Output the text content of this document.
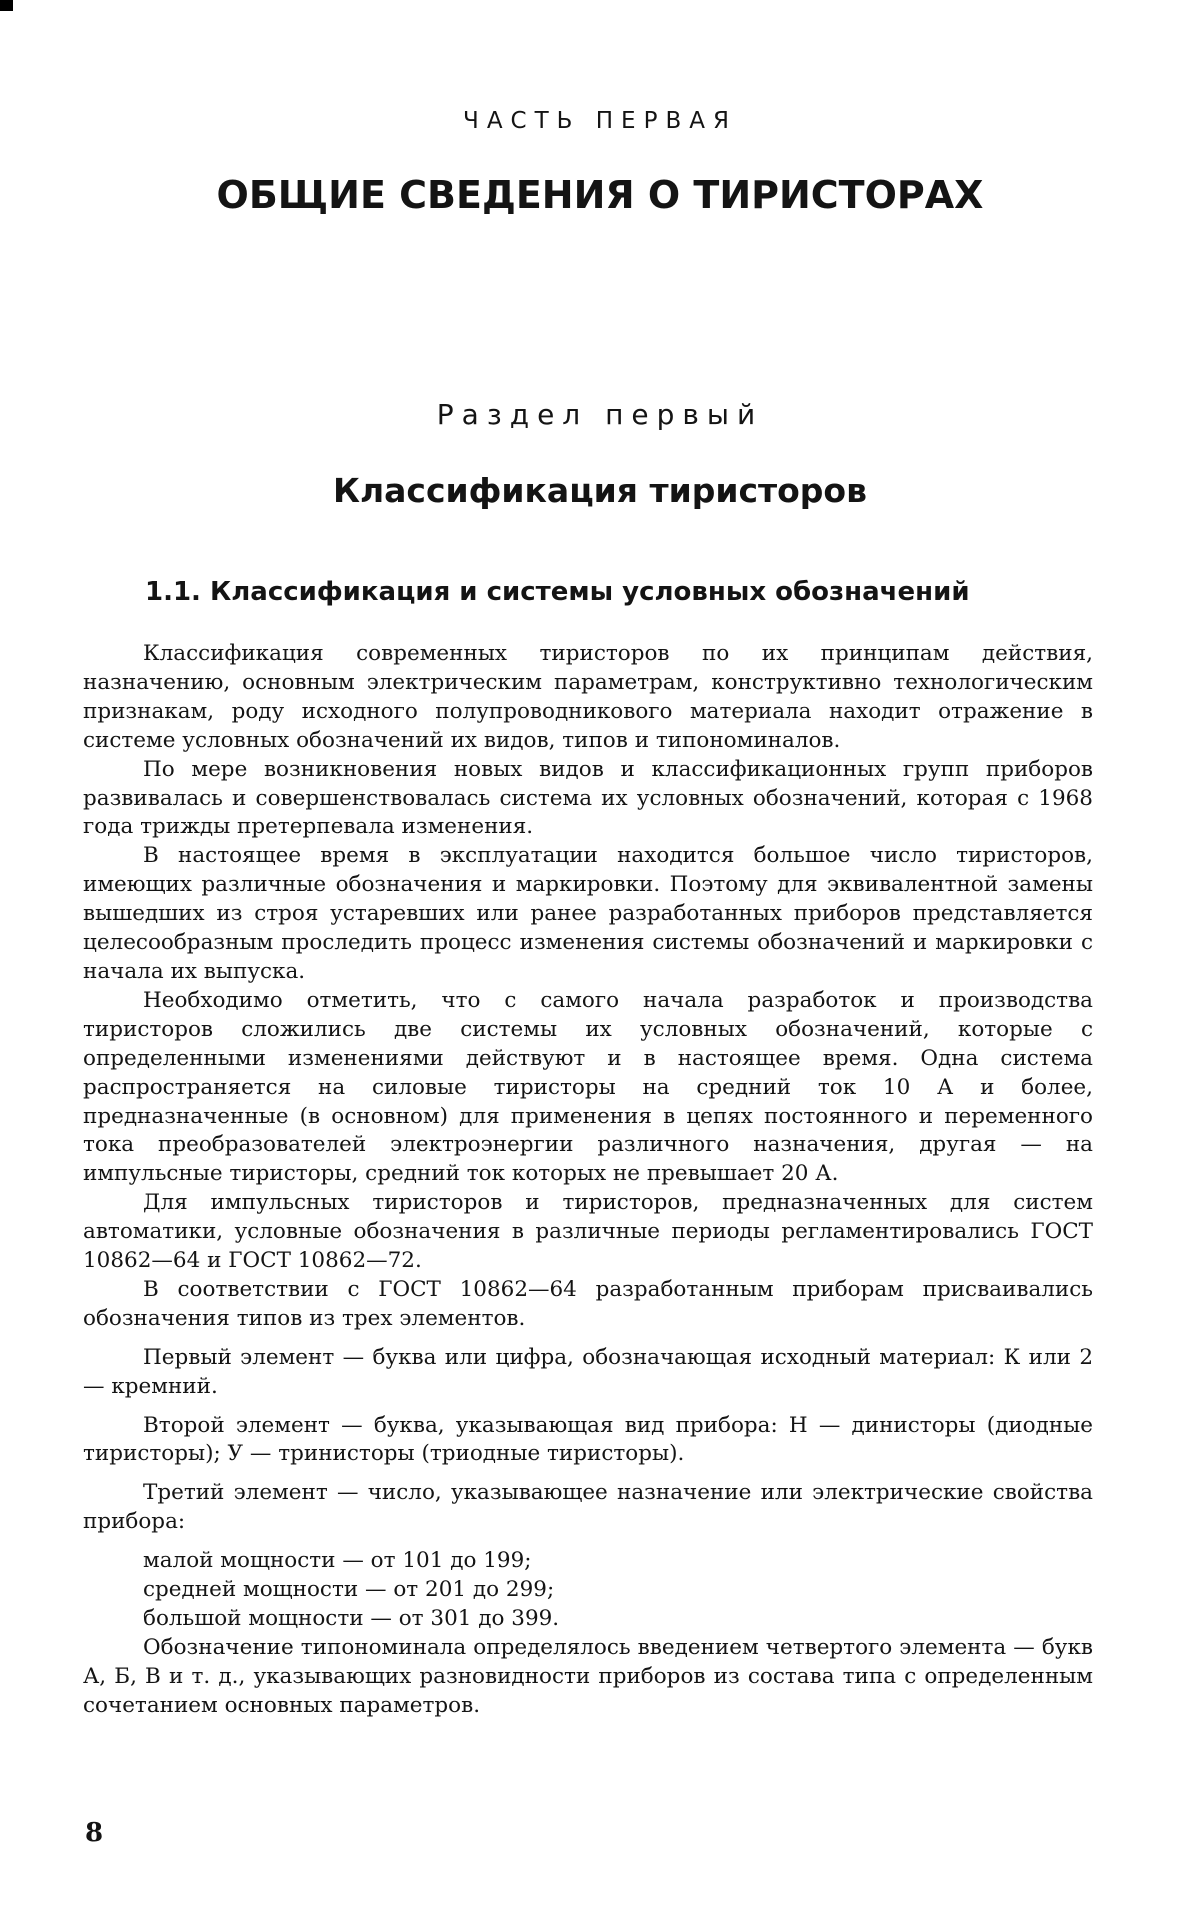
ЧАСТЬ ПЕРВАЯ
ОБЩИЕ СВЕДЕНИЯ О ТИРИСТОРАХ
Раздел первый
Классификация тиристоров
1.1. Классификация и системы условных обозначений

Классификация современных тиристоров по их принципам действия, назначению, основным электрическим параметрам, конструктивно технологическим признакам, роду исходного полупроводникового материала находит отражение в системе условных обозначений их видов, типов и типономиналов.

По мере возникновения новых видов и классификационных групп приборов развивалась и совершенствовалась система их условных обозначений, которая с 1968 года трижды претерпевала изменения.

В настоящее время в эксплуатации находится большое число тиристоров, имеющих различные обозначения и маркировки. Поэтому для эквивалентной замены вышедших из строя устаревших или ранее разработанных приборов представляется целесообразным проследить процесс изменения системы обозначений и маркировки с начала их выпуска.

Необходимо отметить, что с самого начала разработок и производства тиристоров сложились две системы их условных обозначений, которые с определенными изменениями действуют и в настоящее время. Одна система распространяется на силовые тиристоры на средний ток 10 А и более, предназначенные (в основном) для применения в цепях постоянного и переменного тока преобразователей электроэнергии различного назначения, другая — на импульсные тиристоры, средний ток которых не превышает 20 А.

Для импульсных тиристоров и тиристоров, предназначенных для систем автоматики, условные обозначения в различные периоды регламентировались ГОСТ 10862—64 и ГОСТ 10862—72.

В соответствии с ГОСТ 10862—64 разработанным приборам присваивались обозначения типов из трех элементов.

Первый элемент — буква или цифра, обозначающая исходный материал: К или 2 — кремний.

Второй элемент — буква, указывающая вид прибора: Н — динисторы (диодные тиристоры); У — тринисторы (триодные тиристоры).

Третий элемент — число, указывающее назначение или электрические свойства прибора:

малой мощности — от 101 до 199;

средней мощности — от 201 до 299;

большой мощности — от 301 до 399.

Обозначение типономинала определялось введением четвертого элемента — букв А, Б, В и т. д., указывающих разновидности приборов из состава типа с определенным сочетанием основных параметров.

8
